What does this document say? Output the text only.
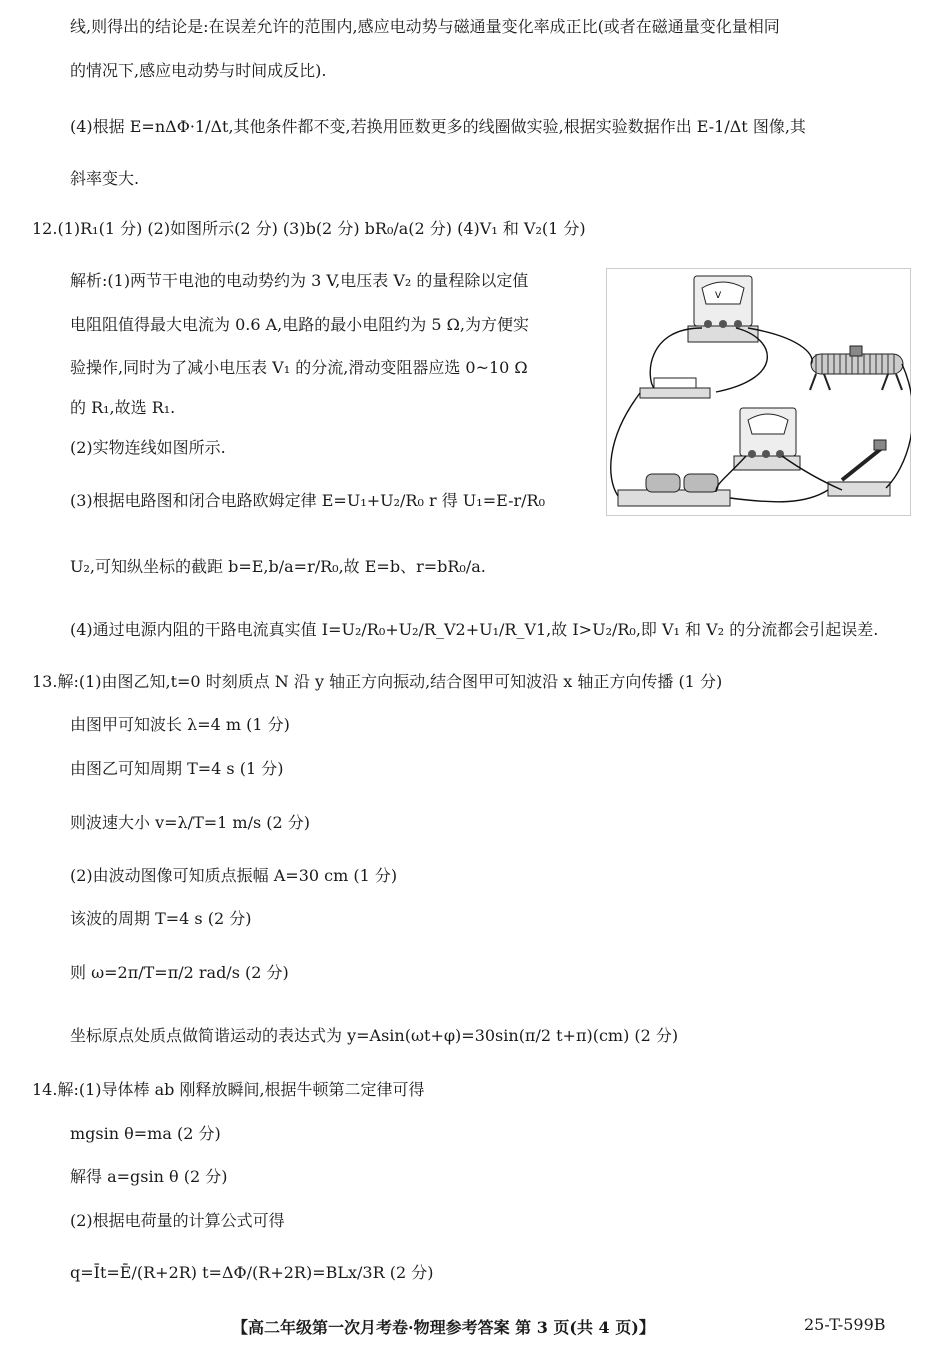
线,则得出的结论是:在误差允许的范围内,感应电动势与磁通量变化率成正比(或者在磁通量变化量相同
的情况下,感应电动势与时间成反比).
(4)根据 E=nΔΦ·1/Δt,其他条件都不变,若换用匝数更多的线圈做实验,根据实验数据作出 E-1/Δt 图像,其
斜率变大.
12.(1)R₁(1 分) (2)如图所示(2 分) (3)b(2 分) bR₀/a(2 分) (4)V₁ 和 V₂(1 分)
解析:(1)两节干电池的电动势约为 3 V,电压表 V₂ 的量程除以定值
电阻阻值得最大电流为 0.6 A,电路的最小电阻约为 5 Ω,为方便实
验操作,同时为了减小电压表 V₁ 的分流,滑动变阻器应选 0~10 Ω
的 R₁,故选 R₁.
(2)实物连线如图所示.
(3)根据电路图和闭合电路欧姆定律 E=U₁+U₂/R₀ r 得 U₁=E-r/R₀
U₂,可知纵坐标的截距 b=E,b/a=r/R₀,故 E=b、r=bR₀/a.
(4)通过电源内阻的干路电流真实值 I=U₂/R₀+U₂/R_V2+U₁/R_V1,故 I>U₂/R₀,即 V₁ 和 V₂ 的分流都会引起误差.
13.解:(1)由图乙知,t=0 时刻质点 N 沿 y 轴正方向振动,结合图甲可知波沿 x 轴正方向传播 (1 分)
由图甲可知波长 λ=4 m (1 分)
由图乙可知周期 T=4 s (1 分)
则波速大小 v=λ/T=1 m/s (2 分)
(2)由波动图像可知质点振幅 A=30 cm (1 分)
该波的周期 T=4 s (2 分)
则 ω=2π/T=π/2 rad/s (2 分)
坐标原点处质点做简谐运动的表达式为 y=Asin(ωt+φ)=30sin(π/2 t+π)(cm) (2 分)
14.解:(1)导体棒 ab 刚释放瞬间,根据牛顿第二定律可得
mgsin θ=ma (2 分)
解得 a=gsin θ (2 分)
(2)根据电荷量的计算公式可得
q=Īt=Ē/(R+2R) t=ΔΦ/(R+2R)=BLx/3R (2 分)
V
【高二年级第一次月考卷·物理参考答案 第 3 页(共 4 页)】	25-T-599B
